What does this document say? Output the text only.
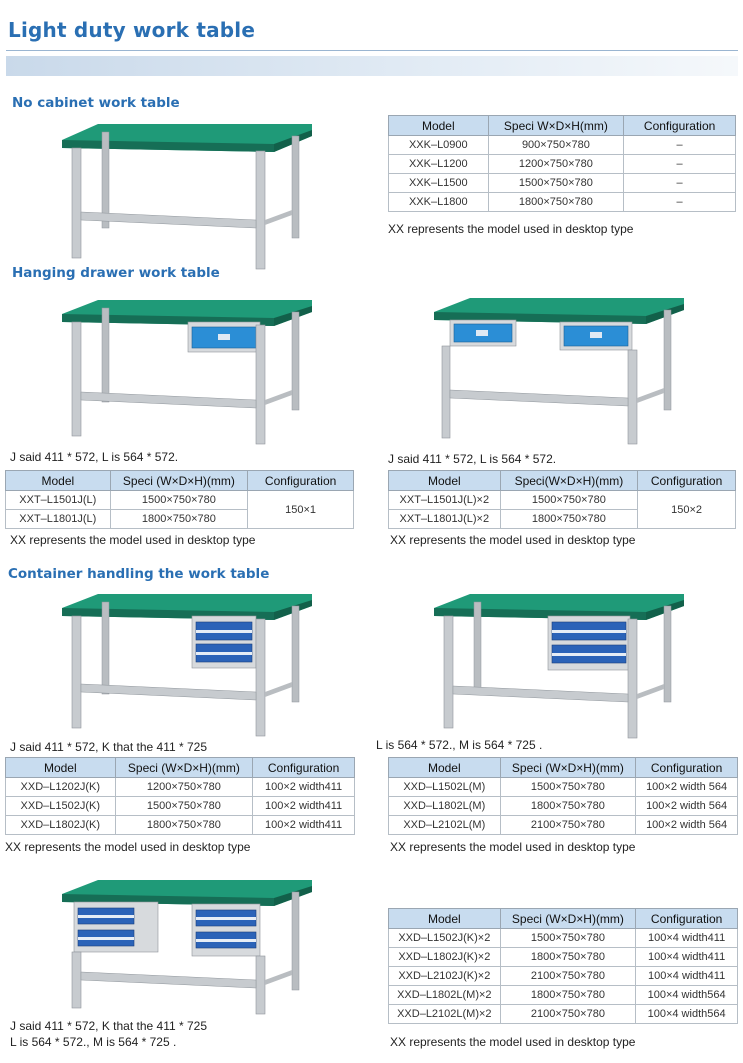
Light duty work table
No cabinet work table
Model	Speci W×D×H(mm)	Configuration
XXK–L0900	900×750×780	–
XXK–L1200	1200×750×780	–
XXK–L1500	1500×750×780	–
XXK–L1800	1800×750×780	–
XX represents the model used in desktop type
Hanging drawer work table
J said 411 * 572, L is 564 * 572.	J said 411 * 572, L is 564 * 572.
Model	Speci (W×D×H)(mm)	Configuration
XXT–L1501J(L)	1500×750×780	150×1
XXT–L1801J(L)	1800×750×780	
Model	Speci(W×D×H)(mm)	Configuration
XXT–L1501J(L)×2	1500×750×780	150×2
XXT–L1801J(L)×2	1800×750×780	
XX represents the model used in desktop type	XX represents the model used in desktop type
Container handling the work table
J said 411 * 572, K that the 411 * 725	L is 564 * 572., M is 564 * 725 .
Model	Speci (W×D×H)(mm)	Configuration
XXD–L1202J(K)	1200×750×780	100×2 width411
XXD–L1502J(K)	1500×750×780	100×2 width411
XXD–L1802J(K)	1800×750×780	100×2 width411
Model	Speci (W×D×H)(mm)	Configuration
XXD–L1502L(M)	1500×750×780	100×2 width 564
XXD–L1802L(M)	1800×750×780	100×2 width 564
XXD–L2102L(M)	2100×750×780	100×2 width 564
XX represents the model used in desktop type	XX represents the model used in desktop type
Model	Speci (W×D×H)(mm)	Configuration
XXD–L1502J(K)×2	1500×750×780	100×4 width411
XXD–L1802J(K)×2	1800×750×780	100×4 width411
XXD–L2102J(K)×2	2100×750×780	100×4 width411
XXD–L1802L(M)×2	1800×750×780	100×4 width564
XXD–L2102L(M)×2	2100×750×780	100×4 width564
J said 411 * 572, K that the 411 * 725
L is 564 * 572., M is 564 * 725 .	XX represents the model used in desktop type
